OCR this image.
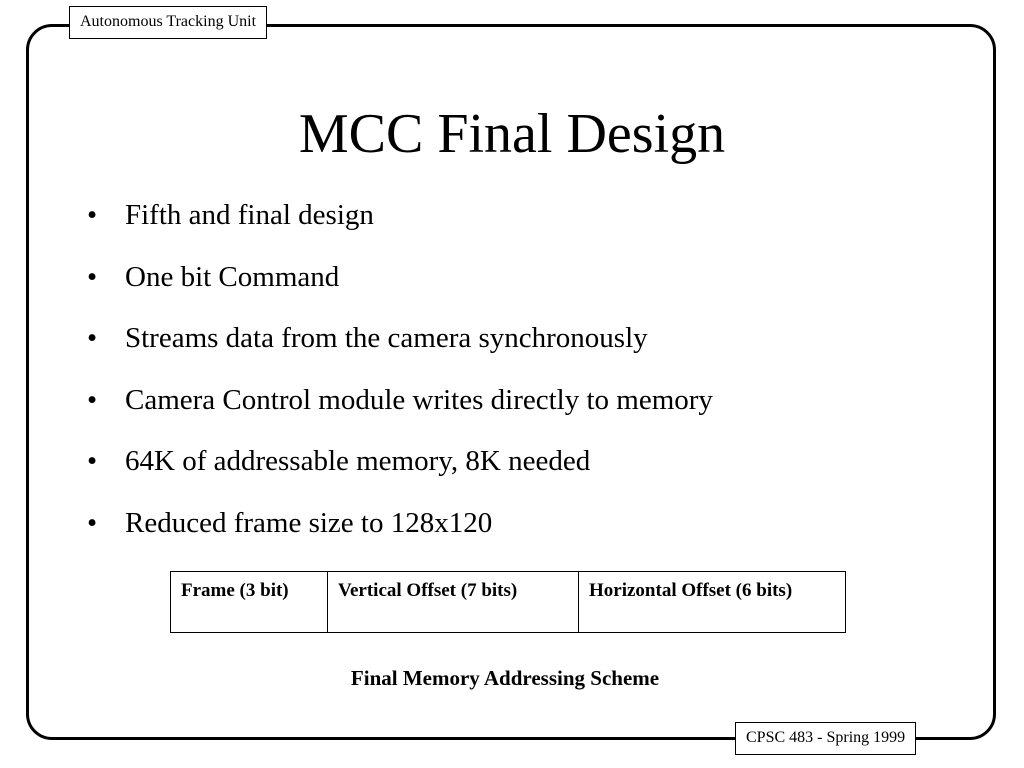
Autonomous Tracking Unit
MCC Final Design
• Fifth and final design
• One bit Command
• Streams data from the camera synchronously
• Camera Control module writes directly to memory
• 64K of addressable memory, 8K needed
• Reduced frame size to 128x120
Frame (3 bit)	Vertical Offset (7 bits)	Horizontal Offset (6 bits)
Final Memory Addressing Scheme
CPSC 483 - Spring 1999
